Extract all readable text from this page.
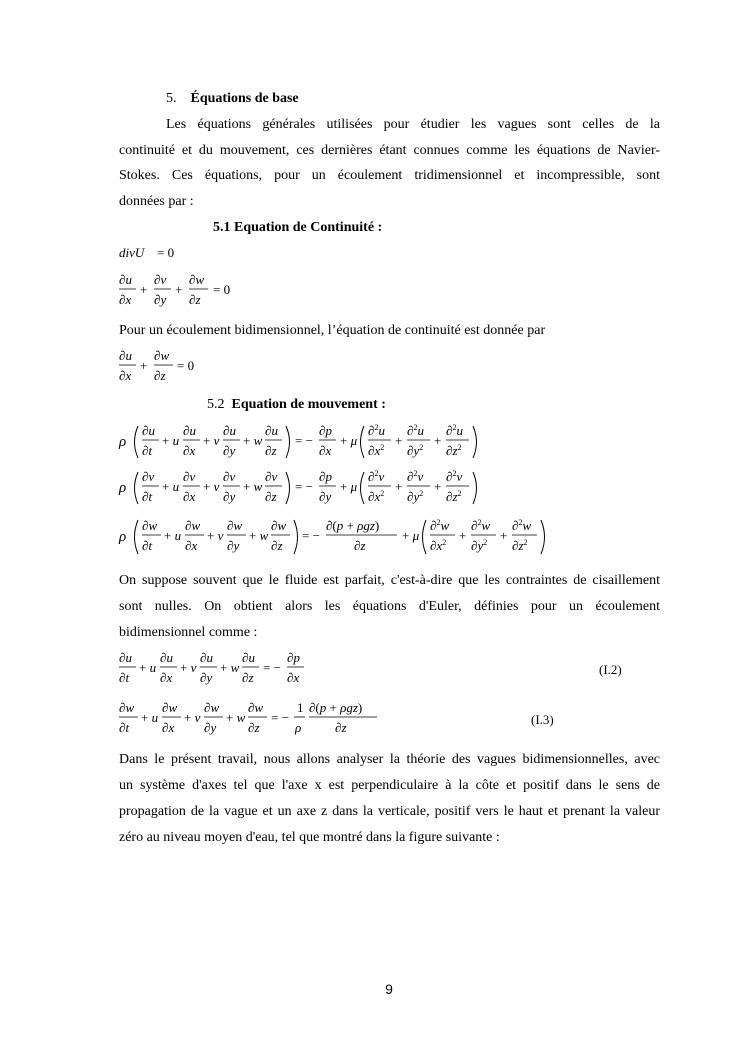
5. Équations de base
Les équations générales utilisées pour étudier les vagues sont celles de la
continuité et du mouvement, ces dernières étant connues comme les équations de Navier-
Stokes. Ces équations, pour un écoulement tridimensionnel et incompressible, sont
données par :
5.1 Equation de Continuité :
divU = 0
∂u
∂x
+
∂v
∂y
+
∂w
∂z
= 0
Pour un écoulement bidimensionnel, l’équation de continuité est donnée par
∂u
∂x
+
∂w
∂z
= 0
5.2 Equation de mouvement :
ρ
∂u
∂t
+ u
∂u
∂x
+ v
∂u
∂y
+ w
∂u
∂z
= −
∂p
∂x
+ μ
∂$^2$u
$\partial x^2$ +
∂$^2$u
$\partial y^2$ +
∂$^2$u
$\partial z^2$
ρ
∂v
∂t
+ u
∂v
∂x
+ v
∂v
∂y
+ w
∂v
∂z
= −
∂p
∂y
+ μ
∂$^2$v
$\partial x^2$ +
∂$^2$v
$\partial y^2$ +
∂$^2$v
$\partial z^2$
ρ
∂w
∂t
+ u
∂w
∂x
+ v
∂w
∂y
+ w
∂w
∂z
= −
∂(p + ρgz)
∂z
+ μ
∂$^2$w
$\partial x^2$ +
∂$^2$w
$\partial y^2$ +
∂$^2$w
$\partial z^2$
On suppose souvent que le fluide est parfait, c'est-à-dire que les contraintes de cisaillement
sont nulles. On obtient alors les équations d'Euler, définies pour un écoulement
bidimensionnel comme :
∂u
∂t
+ u
∂u
∂x
+ v
∂u
∂y
+ w
∂u
∂z
= −
∂p
∂x
(I.2)
∂w
∂t
+ u
∂w
∂x
+ v
∂w
∂y
+ w
∂w
∂z
= −
1
ρ
∂(p + ρgz)
∂z
(I.3)
Dans le présent travail, nous allons analyser la théorie des vagues bidimensionnelles, avec
un système d'axes tel que l'axe x est perpendiculaire à la côte et positif dans le sens de
propagation de la vague et un axe z dans la verticale, positif vers le haut et prenant la valeur
zéro au niveau moyen d'eau, tel que montré dans la figure suivante :
9
